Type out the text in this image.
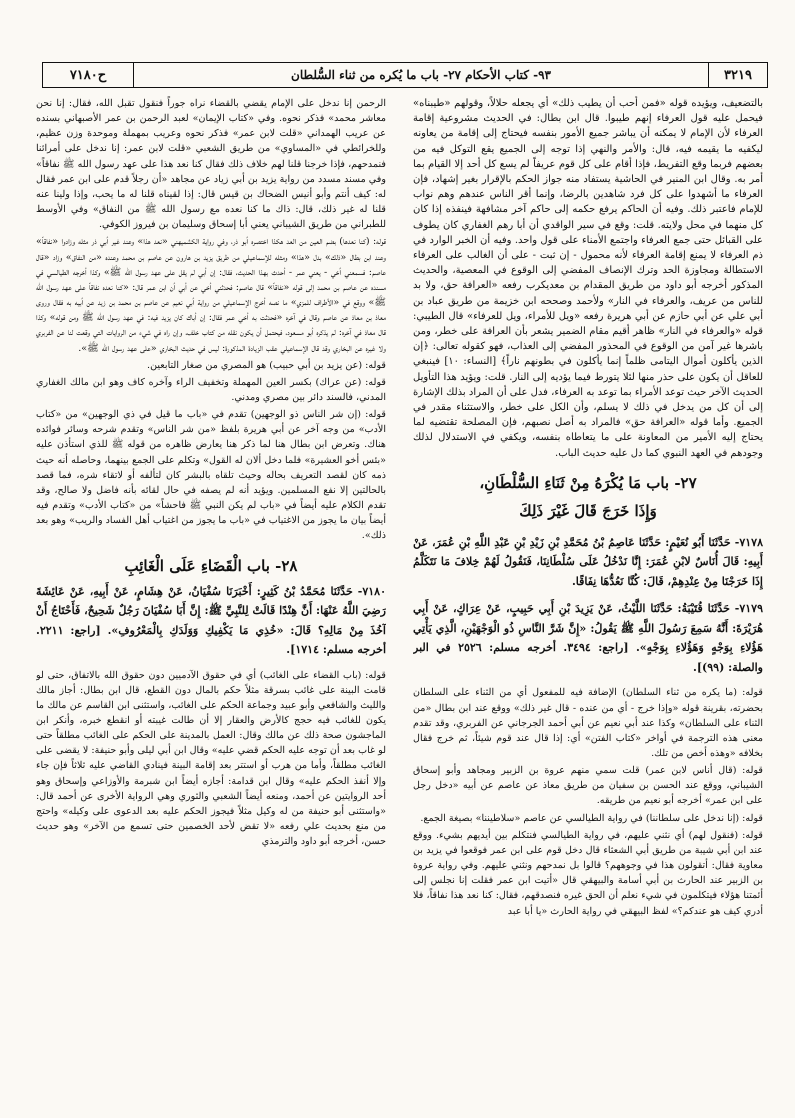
٣٢١٩
٩٣- كتاب الأحكام ٢٧- باب ما يُكره من ثناء السُّلطان
ح٧١٨٠

بالتضعيف، ويؤيده قوله «فمن أحب أن يطيب ذلك» أي يجعله حلالاً، وقولهم «طيبناه» فيحمل عليه قول العرفاء إنهم طيبوا. قال ابن بطال: في الحديث مشروعية إقامة العرفاء لأن الإمام لا يمكنه أن يباشر جميع الأمور بنفسه فيحتاج إلى إقامة من يعاونه ليكفيه ما يقيمه فيه، قال: والأمر والنهي إذا توجه إلى الجميع يقع التوكل فيه من بعضهم فربما وقع التفريط، فإذا أقام على كل قوم عريفاً لم يسع كل أحد إلا القيام بما أمر به. وقال ابن المنير في الحاشية يستفاد منه جواز الحكم بالإقرار بغير إشهاد، فإن العرفاء ما أشهدوا على كل فرد شاهدين بالرضا، وإنما أقر الناس عندهم وهم نواب للإمام فاعتبر ذلك. وفيه أن الحاكم يرفع حكمه إلى حاكم آخر مشافهة فينفذه إذا كان كل منهما في محل ولايته. قلت: وقع في سير الواقدي أن أبا رهم الغفاري كان يطوف على القبائل حتى جمع العرفاء واجتمع الأمناء على قول واحد. وفيه أن الخبر الوارد في ذم العرفاء لا يمنع إقامة العرفاء لأنه محمول - إن ثبت - على أن الغالب على العرفاء الاستطالة ومجاوزة الحد وترك الإنصاف المفضي إلى الوقوع في المعصية، والحديث المذكور أخرجه أبو داود من طريق المقدام بن معديكرب رفعه «العرافة حق، ولا بد للناس من عريف، والعرفاء في النار» ولأحمد وصححه ابن خزيمة من طريق عباد بن أبي علي عن أبي حازم عن أبي هريرة رفعه «ويل للأمراء، ويل للعرفاء» قال الطيبي: قوله «والعرفاء في النار» ظاهر أقيم مقام الضمير يشعر بأن العرافة على خطر، ومن باشرها غير آمن من الوقوع في المحذور المفضي إلى العذاب، فهو كقوله تعالى: ﴿إن الذين يأكلون أموال اليتامى ظلماً إنما يأكلون في بطونهم ناراً﴾ [النساء: ١٠] فينبغي للعاقل أن يكون على حذر منها لئلا يتورط فيما يؤديه إلى النار. قلت: ويؤيد هذا التأويل الحديث الآخر حيث توعد الأمراء بما توعد به العرفاء، فدل على أن المراد بذلك الإشارة إلى أن كل من يدخل في ذلك لا يسلم، وأن الكل على خطر، والاستثناء مقدر في الجميع. وأما قوله «العرافة حق» فالمراد به أصل نصبهم، فإن المصلحة تقتضيه لما يحتاج إليه الأمير من المعاونة على ما يتعاطاه بنفسه، ويكفي في الاستدلال لذلك وجودهم في العهد النبوي كما دل عليه حديث الباب.

٢٧- باب مَا يُكْرَهُ مِنْ ثَنَاءِ السُّلْطَانِ،
وَإِذَا خَرَجَ قَالَ غَيْرَ ذَلِكَ

٧١٧٨- حَدَّثَنَا أَبُو نُعَيْمٍ: حَدَّثَنَا عَاصِمُ بْنُ مُحَمَّدِ بْنِ زَيْدِ بْنِ عَبْدِ اللَّهِ بْنِ عُمَرَ، عَنْ أَبِيهِ: قَالَ أُنَاسٌ لابْنِ عُمَرَ: إِنَّا نَدْخُلُ عَلَى سُلْطَانِنَا، فَنَقُولُ لَهُمْ خِلافَ مَا نَتَكَلَّمُ إِذَا خَرَجْنَا مِنْ عِنْدِهِمْ، قَالَ: كُنَّا نَعُدُّهَا نِفَاقًا.

٧١٧٩- حَدَّثَنَا قُتَيْبَةُ: حَدَّثَنَا اللَّيْثُ، عَنْ يَزِيدَ بْنِ أَبِي حَبِيبٍ، عَنْ عِرَاكٍ، عَنْ أَبِي هُرَيْرَةَ: أَنَّهُ سَمِعَ رَسُولَ اللَّهِ ﷺ يَقُولُ: «إِنَّ شَرَّ النَّاسِ ذُو الْوَجْهَيْنِ، الَّذِي يَأْتِي هَؤُلاءِ بِوَجْهٍ وَهَؤُلاءِ بِوَجْهٍ». [راجع: ٣٤٩٤. أخرجه مسلم: ٢٥٢٦ في البر والصلة: (٩٩)].

قوله: (ما يكره من ثناء السلطان) الإضافة فيه للمفعول أي من الثناء على السلطان بحضرته، بقرينة قوله «وإذا خرج - أي من عنده - قال غير ذلك» ووقع عند ابن بطال «من الثناء على السلطان» وكذا عند أبي نعيم عن أبي أحمد الجرجاني عن الفربري، وقد تقدم معنى هذه الترجمة في أواخر «كتاب الفتن» أي: إذا قال عند قوم شيئاً، ثم خرج فقال بخلافه «وهذه أخص من تلك.

قوله: (قال أناس لابن عمر) قلت سمي منهم عروة بن الزبير ومجاهد وأبو إسحاق الشيباني، ووقع عند الحسن بن سفيان من طريق معاذ عن عاصم عن أبيه «دخل رجل على ابن عمر» أخرجه أبو نعيم من طريقه.

قوله: (إنا ندخل على سلطاننا) في رواية الطيالسي عن عاصم «سلاطيننا» بصيغة الجمع.

قوله: (فنقول لهم) أي نثني عليهم، في رواية الطيالسي فنتكلم بين أيديهم بشيء. ووقع عند ابن أبي شيبة من طريق أبي الشعثاء قال دخل قوم على ابن عمر فوقعوا في يزيد بن معاوية فقال: أتقولون هذا في وجوههم؟ قالوا بل نمدحهم ونثني عليهم. وفي رواية عروة بن الزبير عند الحارث بن أبي أسامة والبيهقي قال «أتيت ابن عمر فقلت إنا نجلس إلى أئمتنا هؤلاء فيتكلمون في شيء نعلم أن الحق غيره فنصدقهم، فقال: كنا نعد هذا نفاقاً، فلا أدري كيف هو عندكم؟» لفظ البيهقي في رواية الحارث «يا أبا عبد

الرحمن إنا ندخل على الإمام يقضي بالقضاء نراه جوراً فنقول تقبل الله، فقال: إنا نحن معاشر محمد» فذكر نحوه. وفي «كتاب الإيمان» لعبد الرحمن بن عمر الأصبهاني بسنده عن عريب الهمداني «قلت لابن عمر» فذكر نحوه وعريب بمهملة وموحدة وزن عظيم، وللخرائطي في «المساوي» من طريق الشعبي «قلت لابن عمر: إنا ندخل على أمرائنا فنمدحهم، فإذا خرجنا قلنا لهم خلاف ذلك فقال كنا نعد هذا على عهد رسول الله ﷺ نفاقاً» وفي مسند مسدد من رواية يزيد بن أبي زياد عن مجاهد «أن رجلاً قدم على ابن عمر فقال له: كيف أنتم وأبو أنيس الضحاك بن قيس قال: إذا لقيناه قلنا له ما يحب، وإذا ولينا عنه قلنا له غير ذلك، قال: ذاك ما كنا نعده مع رسول الله ﷺ من النفاق» وفي الأوسط للطبراني من طريق الشيباني يعني أبا إسحاق وسليمان بن فيروز الكوفي.

قوله: (كنا نعدها) بضم العين من العد هكذا اختصره أبو ذر، وفي رواية الكشميهني «نعد هذا» وعند غير أبي ذر مثله وزادوا «نفاقاً» وعند ابن بطال «ذلك» بدل «هذا» ومثله للإسماعيلي من طريق يزيد بن هارون عن عاصم بن محمد وعنده «من النفاق» وزاد «قال عاصم: فسمعني أخي - يعني عمر - أحدث بهذا الحديث، فقال: إن أبي لم يقل على عهد رسول الله ﷺ» وكذا أخرجه الطيالسي في مسنده عن عاصم بن محمد إلى قوله «نفاقاً» قال عاصم: فحدثني أخي عن أبي أن ابن عمر قال: «كنا نعده نفاقاً على عهد رسول الله ﷺ» ووقع في «الأطراف للمزي» ما نصه أخرج الإسماعيلي من رواية أبي نعيم عن عاصم بن محمد بن زيد عن أبيه به فقال وروى معاذ بن معاذ عن عاصم وقال في آخره «فحدثت به أخي عمر فقال: إن أباك كان يزيد فيه: في عهد رسول الله ﷺ ومن قوله» وكذا قال معاذ في آخره: لم يذكره أبو مسعود، فيحتمل أن يكون نقله من كتاب خلف، وإن راه في شيء من الروايات التي وقعت لنا عن الفربري ولا غيره عن البخاري وقد قال الإسماعيلي عقب الزيادة المذكورة: ليس في حديث البخاري «على عهد رسول الله ﷺ».

قوله: (عن يزيد بن أبي حبيب) هو المصري من صغار التابعين.

قوله: (عن عراك) بكسر العين المهملة وتخفيف الراء وآخره كاف وهو ابن مالك الغفاري المدني، فالسند دائر بين مصري ومدني.

قوله: (إن شر الناس ذو الوجهين) تقدم في «باب ما قيل في ذي الوجهين» من «كتاب الأدب» من وجه آخر عن أبي هريرة بلفظ «من شر الناس» وتقدم شرحه وسائر فوائده هناك. وتعرض ابن بطال هنا لما ذكر هنا يعارض ظاهره من قوله ﷺ للذي استأذن عليه «بئس أخو العشيرة» فلما دخل ألان له القول» وتكلم على الجمع بينهما، وحاصله أنه حيث ذمه كان لقصد التعريف بحاله وحيث تلقاه بالبشر كان لتألفه أو لاتقاء شره، فما قصد بالحالتين إلا نفع المسلمين. ويؤيد أنه لم يصفه في حال لقائه بأنه فاضل ولا صالح، وقد تقدم الكلام عليه أيضاً في «باب لم يكن النبي ﷺ فاحشاً» من «كتاب الأدب» وتقدم فيه أيضاً بيان ما يجوز من الاغتياب في «باب ما يجوز من اغتياب أهل الفساد والريب» وهو بعد ذلك».

٢٨- باب الْقَضَاءِ عَلَى الْغَائِبِ

٧١٨٠- حَدَّثَنَا مُحَمَّدُ بْنُ كَثِيرٍ: أَخْبَرَنَا سُفْيَانُ، عَنْ هِشَامٍ، عَنْ أَبِيهِ، عَنْ عَائِشَةَ رَضِيَ اللَّهُ عَنْهَا: أَنَّ هِنْدًا قَالَتْ لِلنَّبِيِّ ﷺ: إِنَّ أَبَا سُفْيَانَ رَجُلٌ شَحِيحٌ، فَأَحْتَاجُ أَنْ آخُذَ مِنْ مَالِهِ؟ قَالَ: «خُذِي مَا يَكْفِيكِ وَوَلَدَكِ بِالْمَعْرُوفِ». [راجع: ٢٢١١. أخرجه مسلم: ١٧١٤].

قوله: (باب القضاء على الغائب) أي في حقوق الآدميين دون حقوق الله بالاتفاق، حتى لو قامت البينة على غائب بسرقة مثلاً حكم بالمال دون القطع، قال ابن بطال: أجاز مالك والليث والشافعي وأبو عبيد وجماعة الحكم على الغائب، واستثنى ابن القاسم عن مالك ما يكون للغائب فيه حجج كالأرض والعقار إلا أن طالت غيبته أو انقطع خبره، وأنكر ابن الماجشون صحة ذلك عن مالك وقال: العمل بالمدينة على الحكم على الغائب مطلقاً حتى لو غاب بعد أن توجه عليه الحكم قضي عليه» وقال ابن أبي ليلى وأبو حنيفة: لا يقضى على الغائب مطلقاً، وأما من هرب أو استتر بعد إقامة البينة فينادي القاضي عليه ثلاثاً فإن جاء وإلا أنفذ الحكم عليه» وقال ابن قدامة: أجازه أيضاً ابن شبرمة والأوزاعي وإسحاق وهو أحد الروايتين عن أحمد، ومنعه أيضاً الشعبي والثوري وهي الرواية الأخرى عن أحمد قال: «واستثنى أبو حنيفة من له وكيل مثلاً فيجوز الحكم عليه بعد الدعوى على وكيله» واحتج من منع بحديث علي رفعه «لا تقض لأحد الخصمين حتى تسمع من الآخر» وهو حديث حسن، أخرجه أبو داود والترمذي
